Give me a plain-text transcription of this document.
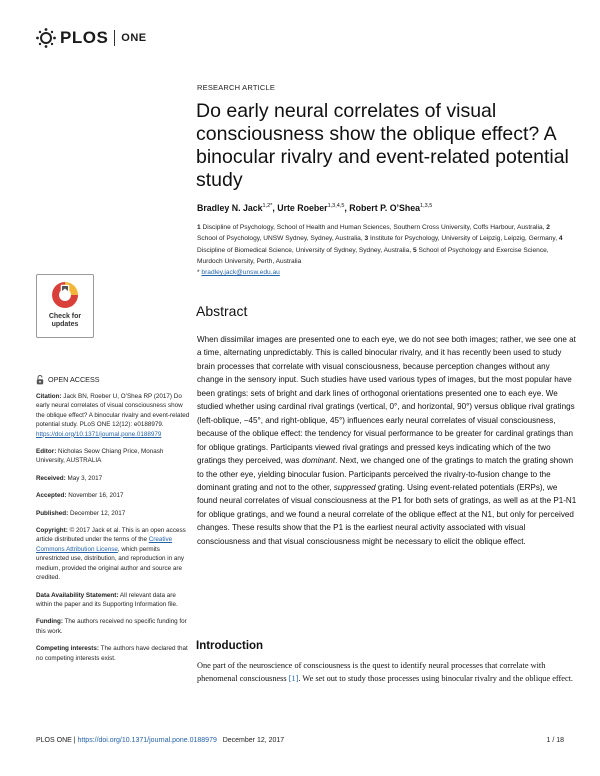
PLOS ONE
RESEARCH ARTICLE
Do early neural correlates of visual consciousness show the oblique effect? A binocular rivalry and event-related potential study
Bradley N. Jack$^{1,2*}$, Urte Roeber$^{1,3,4,5}$, Robert P. O’Shea$^{1,3,5}$
1 Discipline of Psychology, School of Health and Human Sciences, Southern Cross University, Coffs Harbour, Australia, 2 School of Psychology, UNSW Sydney, Sydney, Australia, 3 Institute for Psychology, University of Leipzig, Leipzig, Germany, 4 Discipline of Biomedical Science, University of Sydney, Sydney, Australia, 5 School of Psychology and Exercise Science, Murdoch University, Perth, Australia
* bradley.jack@unsw.edu.au
Check for
updates
OPEN ACCESS
Citation: Jack BN, Roeber U, O’Shea RP (2017) Do early neural correlates of visual consciousness show the oblique effect? A binocular rivalry and event-related potential study. PLoS ONE 12(12): e0188979. https://doi.org/10.1371/journal.pone.0188979
Editor: Nicholas Seow Chiang Price, Monash University, AUSTRALIA
Received: May 3, 2017
Accepted: November 16, 2017
Published: December 12, 2017
Copyright: © 2017 Jack et al. This is an open access article distributed under the terms of the Creative Commons Attribution License, which permits unrestricted use, distribution, and reproduction in any medium, provided the original author and source are credited.
Data Availability Statement: All relevant data are within the paper and its Supporting Information file.
Funding: The authors received no specific funding for this work.
Competing interests: The authors have declared that no competing interests exist.
Abstract
When dissimilar images are presented one to each eye, we do not see both images; rather, we see one at a time, alternating unpredictably. This is called binocular rivalry, and it has recently been used to study brain processes that correlate with visual consciousness, because perception changes without any change in the sensory input. Such studies have used various types of images, but the most popular have been gratings: sets of bright and dark lines of orthogonal orientations presented one to each eye. We studied whether using cardinal rival gratings (vertical, 0°, and horizontal, 90°) versus oblique rival gratings (left-oblique, −45°, and right-oblique, 45°) influences early neural correlates of visual consciousness, because of the oblique effect: the tendency for visual performance to be greater for cardinal gratings than for oblique gratings. Participants viewed rival gratings and pressed keys indicating which of the two gratings they perceived, was dominant. Next, we changed one of the gratings to match the grating shown to the other eye, yielding binocular fusion. Participants perceived the rivalry-to-fusion change to the dominant grating and not to the other, suppressed grating. Using event-related potentials (ERPs), we found neural correlates of visual consciousness at the P1 for both sets of gratings, as well as at the P1-N1 for oblique gratings, and we found a neural correlate of the oblique effect at the N1, but only for perceived changes. These results show that the P1 is the earliest neural activity associated with visual consciousness and that visual consciousness might be necessary to elicit the oblique effect.
Introduction
One part of the neuroscience of consciousness is the quest to identify neural processes that correlate with phenomenal consciousness [1]. We set out to study those processes using binocular rivalry and the oblique effect.
PLOS ONE | https://doi.org/10.1371/journal.pone.0188979 December 12, 2017	1 / 18
